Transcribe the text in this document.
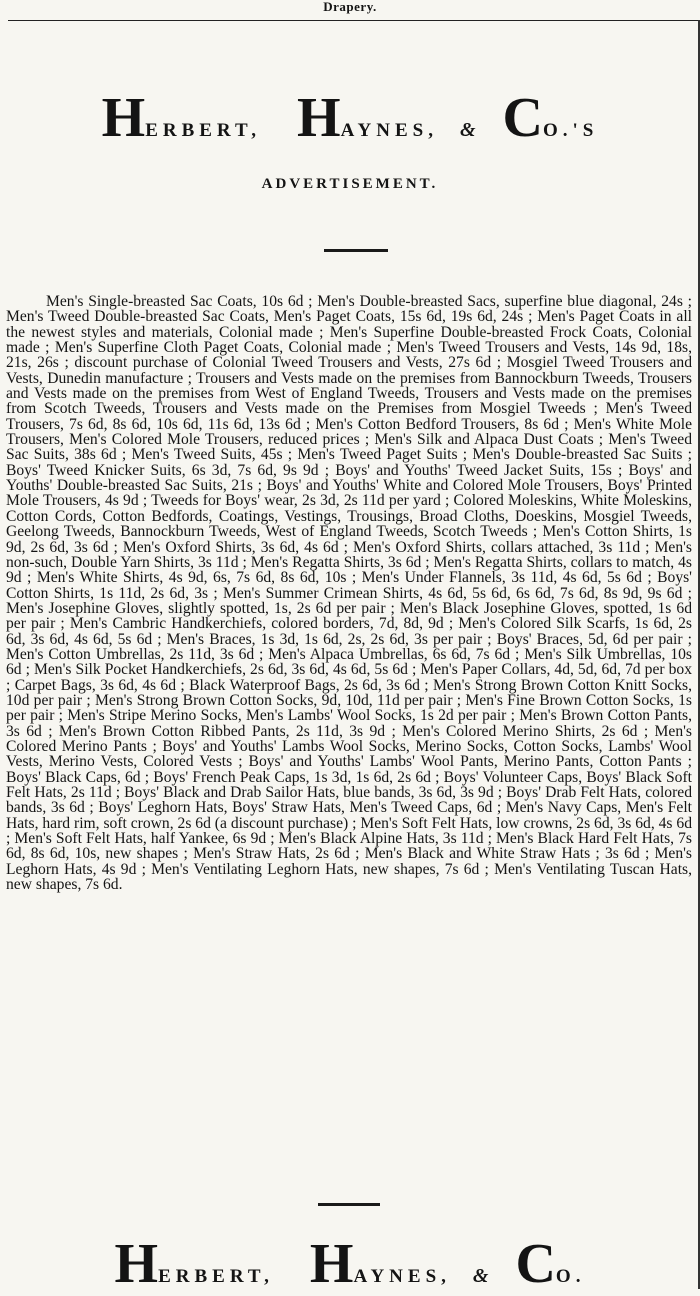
Drapery.
HERBERT, HAYNES, & CO.'S
ADVERTISEMENT.

Men's Single-breasted Sac Coats, 10s 6d ; Men's Double-breasted Sacs, superfine blue diagonal, 24s ; Men's Tweed Double-breasted Sac Coats, Men's Paget Coats, 15s 6d, 19s 6d, 24s ; Men's Paget Coats in all the newest styles and materials, Colonial made ; Men's Superfine Double-breasted Frock Coats, Colonial made ; Men's Superfine Cloth Paget Coats, Colonial made ; Men's Tweed Trousers and Vests, 14s 9d, 18s, 21s, 26s ; discount purchase of Colonial Tweed Trousers and Vests, 27s 6d ; Mosgiel Tweed Trousers and Vests, Dunedin manufacture ; Trousers and Vests made on the premises from Bannockburn Tweeds, Trousers and Vests made on the premises from West of England Tweeds, Trousers and Vests made on the premises from Scotch Tweeds, Trousers and Vests made on the Premises from Mosgiel Tweeds ; Men's Tweed Trousers, 7s 6d, 8s 6d, 10s 6d, 11s 6d, 13s 6d ; Men's Cotton Bedford Trousers, 8s 6d ; Men's White Mole Trousers, Men's Colored Mole Trousers, reduced prices ; Men's Silk and Alpaca Dust Coats ; Men's Tweed Sac Suits, 38s 6d ; Men's Tweed Suits, 45s ; Men's Tweed Paget Suits ; Men's Double-breasted Sac Suits ; Boys' Tweed Knicker Suits, 6s 3d, 7s 6d, 9s 9d ; Boys' and Youths' Tweed Jacket Suits, 15s ; Boys' and Youths' Double-breasted Sac Suits, 21s ; Boys' and Youths' White and Colored Mole Trousers, Boys' Printed Mole Trousers, 4s 9d ; Tweeds for Boys' wear, 2s 3d, 2s 11d per yard ; Colored Moleskins, White Moleskins, Cotton Cords, Cotton Bedfords, Coatings, Vestings, Trousings, Broad Cloths, Doeskins, Mosgiel Tweeds, Geelong Tweeds, Bannockburn Tweeds, West of England Tweeds, Scotch Tweeds ; Men's Cotton Shirts, 1s 9d, 2s 6d, 3s 6d ; Men's Oxford Shirts, 3s 6d, 4s 6d ; Men's Oxford Shirts, collars attached, 3s 11d ; Men's non-such, Double Yarn Shirts, 3s 11d ; Men's Regatta Shirts, 3s 6d ; Men's Regatta Shirts, collars to match, 4s 9d ; Men's White Shirts, 4s 9d, 6s, 7s 6d, 8s 6d, 10s ; Men's Under Flannels, 3s 11d, 4s 6d, 5s 6d ; Boys' Cotton Shirts, 1s 11d, 2s 6d, 3s ; Men's Summer Crimean Shirts, 4s 6d, 5s 6d, 6s 6d, 7s 6d, 8s 9d, 9s 6d ; Men's Josephine Gloves, slightly spotted, 1s, 2s 6d per pair ; Men's Black Josephine Gloves, spotted, 1s 6d per pair ; Men's Cambric Handkerchiefs, colored borders, 7d, 8d, 9d ; Men's Colored Silk Scarfs, 1s 6d, 2s 6d, 3s 6d, 4s 6d, 5s 6d ; Men's Braces, 1s 3d, 1s 6d, 2s, 2s 6d, 3s per pair ; Boys' Braces, 5d, 6d per pair ; Men's Cotton Umbrellas, 2s 11d, 3s 6d ; Men's Alpaca Umbrellas, 6s 6d, 7s 6d ; Men's Silk Umbrellas, 10s 6d ; Men's Silk Pocket Handkerchiefs, 2s 6d, 3s 6d, 4s 6d, 5s 6d ; Men's Paper Collars, 4d, 5d, 6d, 7d per box ; Carpet Bags, 3s 6d, 4s 6d ; Black Waterproof Bags, 2s 6d, 3s 6d ; Men's Strong Brown Cotton Knitt Socks, 10d per pair ; Men's Strong Brown Cotton Socks, 9d, 10d, 11d per pair ; Men's Fine Brown Cotton Socks, 1s per pair ; Men's Stripe Merino Socks, Men's Lambs' Wool Socks, 1s 2d per pair ; Men's Brown Cotton Pants, 3s 6d ; Men's Brown Cotton Ribbed Pants, 2s 11d, 3s 9d ; Men's Colored Merino Shirts, 2s 6d ; Men's Colored Merino Pants ; Boys' and Youths' Lambs Wool Socks, Merino Socks, Cotton Socks, Lambs' Wool Vests, Merino Vests, Colored Vests ; Boys' and Youths' Lambs' Wool Pants, Merino Pants, Cotton Pants ; Boys' Black Caps, 6d ; Boys' French Peak Caps, 1s 3d, 1s 6d, 2s 6d ; Boys' Volunteer Caps, Boys' Black Soft Felt Hats, 2s 11d ; Boys' Black and Drab Sailor Hats, blue bands, 3s 6d, 3s 9d ; Boys' Drab Felt Hats, colored bands, 3s 6d ; Boys' Leghorn Hats, Boys' Straw Hats, Men's Tweed Caps, 6d ; Men's Navy Caps, Men's Felt Hats, hard rim, soft crown, 2s 6d (a discount purchase) ; Men's Soft Felt Hats, low crowns, 2s 6d, 3s 6d, 4s 6d ; Men's Soft Felt Hats, half Yankee, 6s 9d ; Men's Black Alpine Hats, 3s 11d ; Men's Black Hard Felt Hats, 7s 6d, 8s 6d, 10s, new shapes ; Men's Straw Hats, 2s 6d ; Men's Black and White Straw Hats ; 3s 6d ; Men's Leghorn Hats, 4s 9d ; Men's Ventilating Leghorn Hats, new shapes, 7s 6d ; Men's Ventilating Tuscan Hats, new shapes, 7s 6d.

HERBERT, HAYNES, & CO.
